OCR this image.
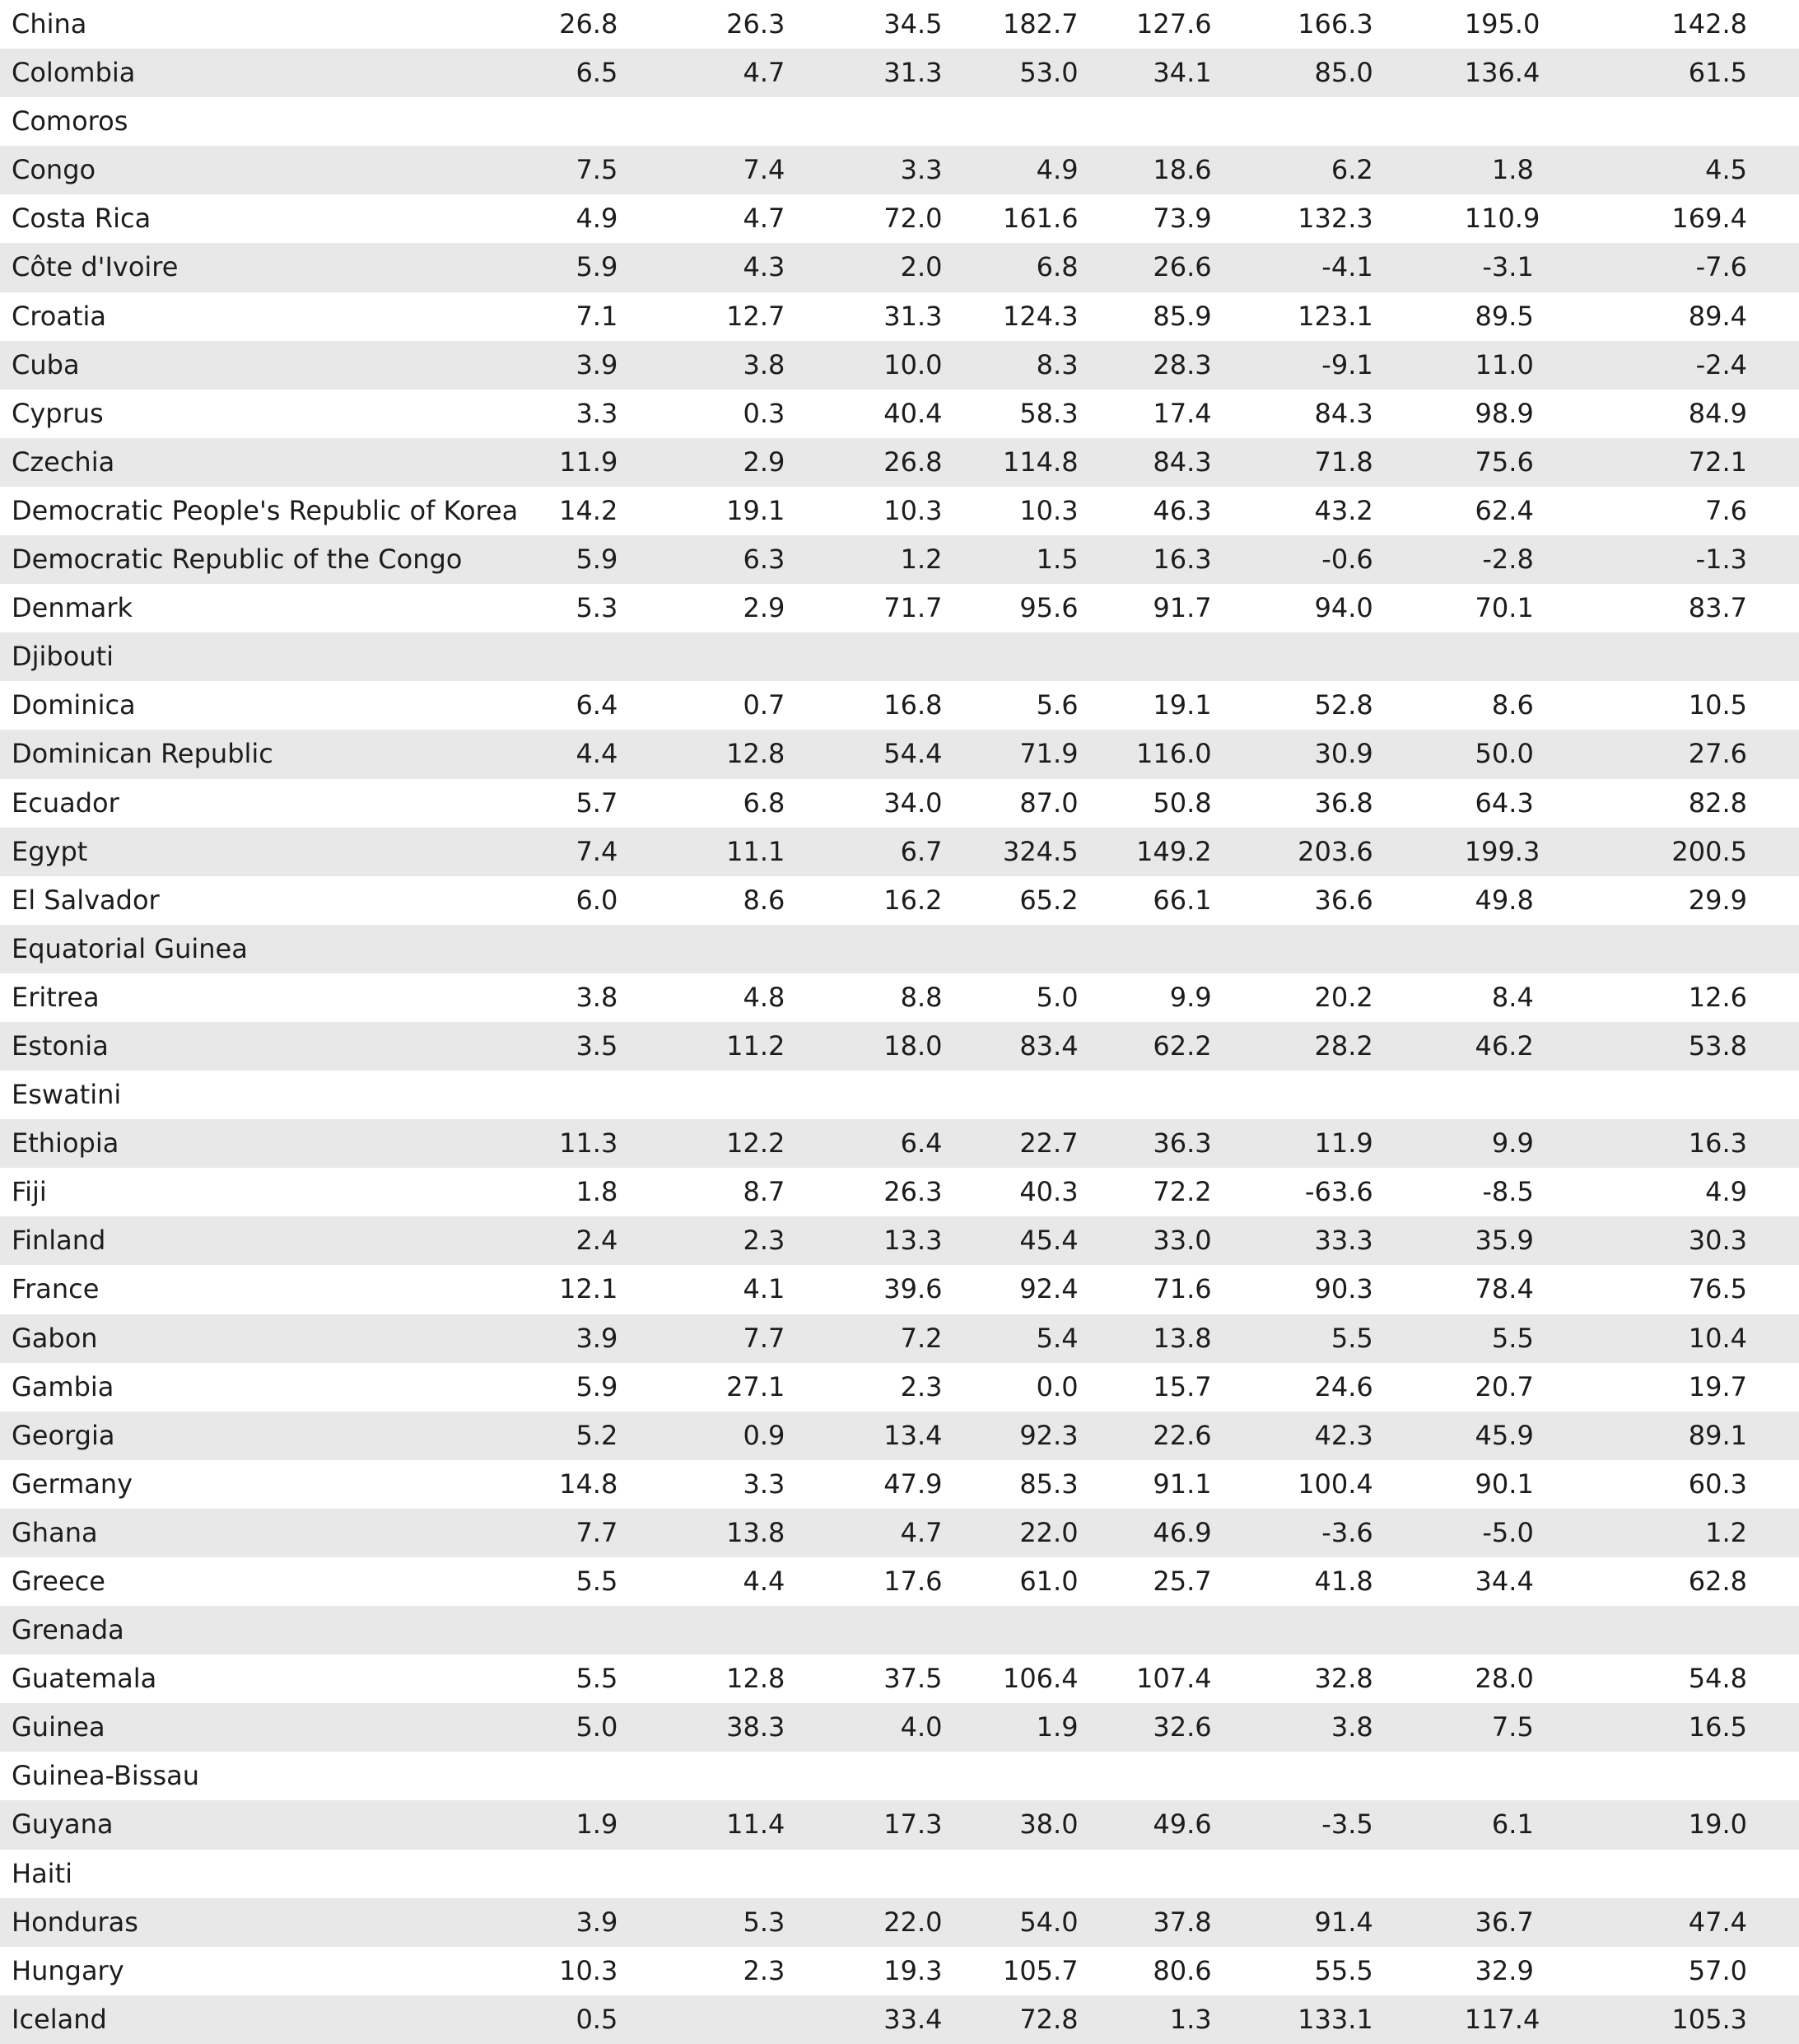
China	26.8	26.3	34.5	182.7	127.6	166.3	195.0	142.8
Colombia	6.5	4.7	31.3	53.0	34.1	85.0	136.4	61.5
Comoros								
Congo	7.5	7.4	3.3	4.9	18.6	6.2	1.8	4.5
Costa Rica	4.9	4.7	72.0	161.6	73.9	132.3	110.9	169.4
Côte d'Ivoire	5.9	4.3	2.0	6.8	26.6	-4.1	-3.1	-7.6
Croatia	7.1	12.7	31.3	124.3	85.9	123.1	89.5	89.4
Cuba	3.9	3.8	10.0	8.3	28.3	-9.1	11.0	-2.4
Cyprus	3.3	0.3	40.4	58.3	17.4	84.3	98.9	84.9
Czechia	11.9	2.9	26.8	114.8	84.3	71.8	75.6	72.1
Democratic People's Republic of Korea	14.2	19.1	10.3	10.3	46.3	43.2	62.4	7.6
Democratic Republic of the Congo	5.9	6.3	1.2	1.5	16.3	-0.6	-2.8	-1.3
Denmark	5.3	2.9	71.7	95.6	91.7	94.0	70.1	83.7
Djibouti								
Dominica	6.4	0.7	16.8	5.6	19.1	52.8	8.6	10.5
Dominican Republic	4.4	12.8	54.4	71.9	116.0	30.9	50.0	27.6
Ecuador	5.7	6.8	34.0	87.0	50.8	36.8	64.3	82.8
Egypt	7.4	11.1	6.7	324.5	149.2	203.6	199.3	200.5
El Salvador	6.0	8.6	16.2	65.2	66.1	36.6	49.8	29.9
Equatorial Guinea								
Eritrea	3.8	4.8	8.8	5.0	9.9	20.2	8.4	12.6
Estonia	3.5	11.2	18.0	83.4	62.2	28.2	46.2	53.8
Eswatini								
Ethiopia	11.3	12.2	6.4	22.7	36.3	11.9	9.9	16.3
Fiji	1.8	8.7	26.3	40.3	72.2	-63.6	-8.5	4.9
Finland	2.4	2.3	13.3	45.4	33.0	33.3	35.9	30.3
France	12.1	4.1	39.6	92.4	71.6	90.3	78.4	76.5
Gabon	3.9	7.7	7.2	5.4	13.8	5.5	5.5	10.4
Gambia	5.9	27.1	2.3	0.0	15.7	24.6	20.7	19.7
Georgia	5.2	0.9	13.4	92.3	22.6	42.3	45.9	89.1
Germany	14.8	3.3	47.9	85.3	91.1	100.4	90.1	60.3
Ghana	7.7	13.8	4.7	22.0	46.9	-3.6	-5.0	1.2
Greece	5.5	4.4	17.6	61.0	25.7	41.8	34.4	62.8
Grenada								
Guatemala	5.5	12.8	37.5	106.4	107.4	32.8	28.0	54.8
Guinea	5.0	38.3	4.0	1.9	32.6	3.8	7.5	16.5
Guinea-Bissau								
Guyana	1.9	11.4	17.3	38.0	49.6	-3.5	6.1	19.0
Haiti								
Honduras	3.9	5.3	22.0	54.0	37.8	91.4	36.7	47.4
Hungary	10.3	2.3	19.3	105.7	80.6	55.5	32.9	57.0
Iceland	0.5		33.4	72.8	1.3	133.1	117.4	105.3
